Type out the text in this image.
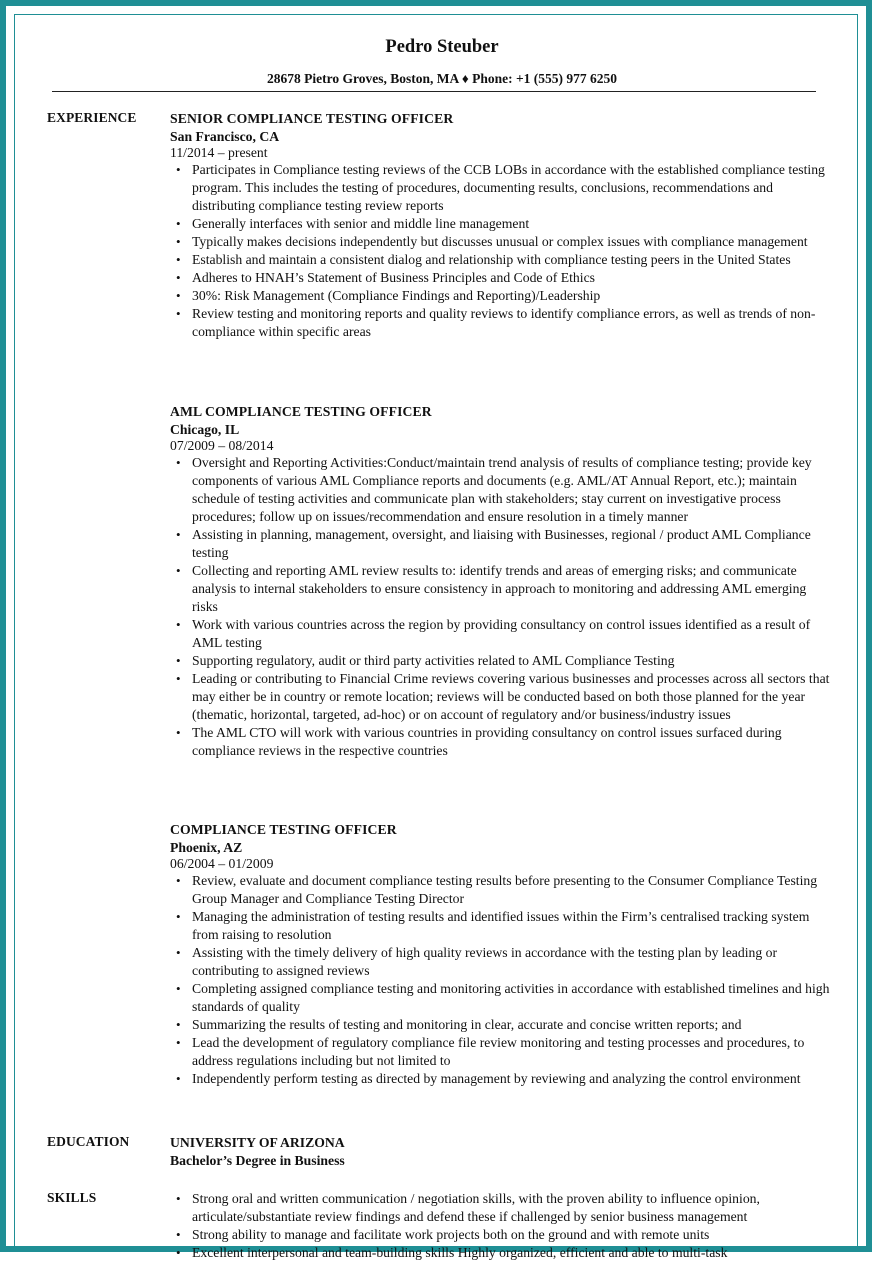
Pedro Steuber
28678 Pietro Groves, Boston, MA ♦ Phone: +1 (555) 977 6250
EXPERIENCE SENIOR COMPLIANCE TESTING OFFICER
San Francisco, CA
11/2014 – present
• Participates in Compliance testing reviews of the CCB LOBs in accordance with the established compliance testing program. This includes the testing of procedures, documenting results, conclusions, recommendations and distributing compliance testing review reports
• Generally interfaces with senior and middle line management
• Typically makes decisions independently but discusses unusual or complex issues with compliance management
• Establish and maintain a consistent dialog and relationship with compliance testing peers in the United States
• Adheres to HNAH’s Statement of Business Principles and Code of Ethics
• 30%: Risk Management (Compliance Findings and Reporting)/Leadership
• Review testing and monitoring reports and quality reviews to identify compliance errors, as well as trends of non-compliance within specific areas
AML COMPLIANCE TESTING OFFICER
Chicago, IL
07/2009 – 08/2014
• Oversight and Reporting Activities:Conduct/maintain trend analysis of results of compliance testing; provide key components of various AML Compliance reports and documents (e.g. AML/AT Annual Report, etc.); maintain schedule of testing activities and communicate plan with stakeholders; stay current on investigative process procedures; follow up on issues/recommendation and ensure resolution in a timely manner
• Assisting in planning, management, oversight, and liaising with Businesses, regional / product AML Compliance testing
• Collecting and reporting AML review results to: identify trends and areas of emerging risks; and communicate analysis to internal stakeholders to ensure consistency in approach to monitoring and addressing AML emerging risks
• Work with various countries across the region by providing consultancy on control issues identified as a result of AML testing
• Supporting regulatory, audit or third party activities related to AML Compliance Testing
• Leading or contributing to Financial Crime reviews covering various businesses and processes across all sectors that may either be in country or remote location; reviews will be conducted based on both those planned for the year (thematic, horizontal, targeted, ad-hoc) or on account of regulatory and/or business/industry issues
• The AML CTO will work with various countries in providing consultancy on control issues surfaced during compliance reviews in the respective countries
COMPLIANCE TESTING OFFICER
Phoenix, AZ
06/2004 – 01/2009
• Review, evaluate and document compliance testing results before presenting to the Consumer Compliance Testing Group Manager and Compliance Testing Director
• Managing the administration of testing results and identified issues within the Firm’s centralised tracking system from raising to resolution
• Assisting with the timely delivery of high quality reviews in accordance with the testing plan by leading or contributing to assigned reviews
• Completing assigned compliance testing and monitoring activities in accordance with established timelines and high standards of quality
• Summarizing the results of testing and monitoring in clear, accurate and concise written reports; and
• Lead the development of regulatory compliance file review monitoring and testing processes and procedures, to address regulations including but not limited to
• Independently perform testing as directed by management by reviewing and analyzing the control environment
EDUCATION	UNIVERSITY OF ARIZONA
Bachelor’s Degree in Business
SKILLS
•	Strong oral and written communication / negotiation skills, with the proven ability to influence opinion, articulate/substantiate review findings and defend these if challenged by senior business management
• Strong ability to manage and facilitate work projects both on the ground and with remote units
• Excellent interpersonal and team-building skills Highly organized, efficient and able to multi-task
